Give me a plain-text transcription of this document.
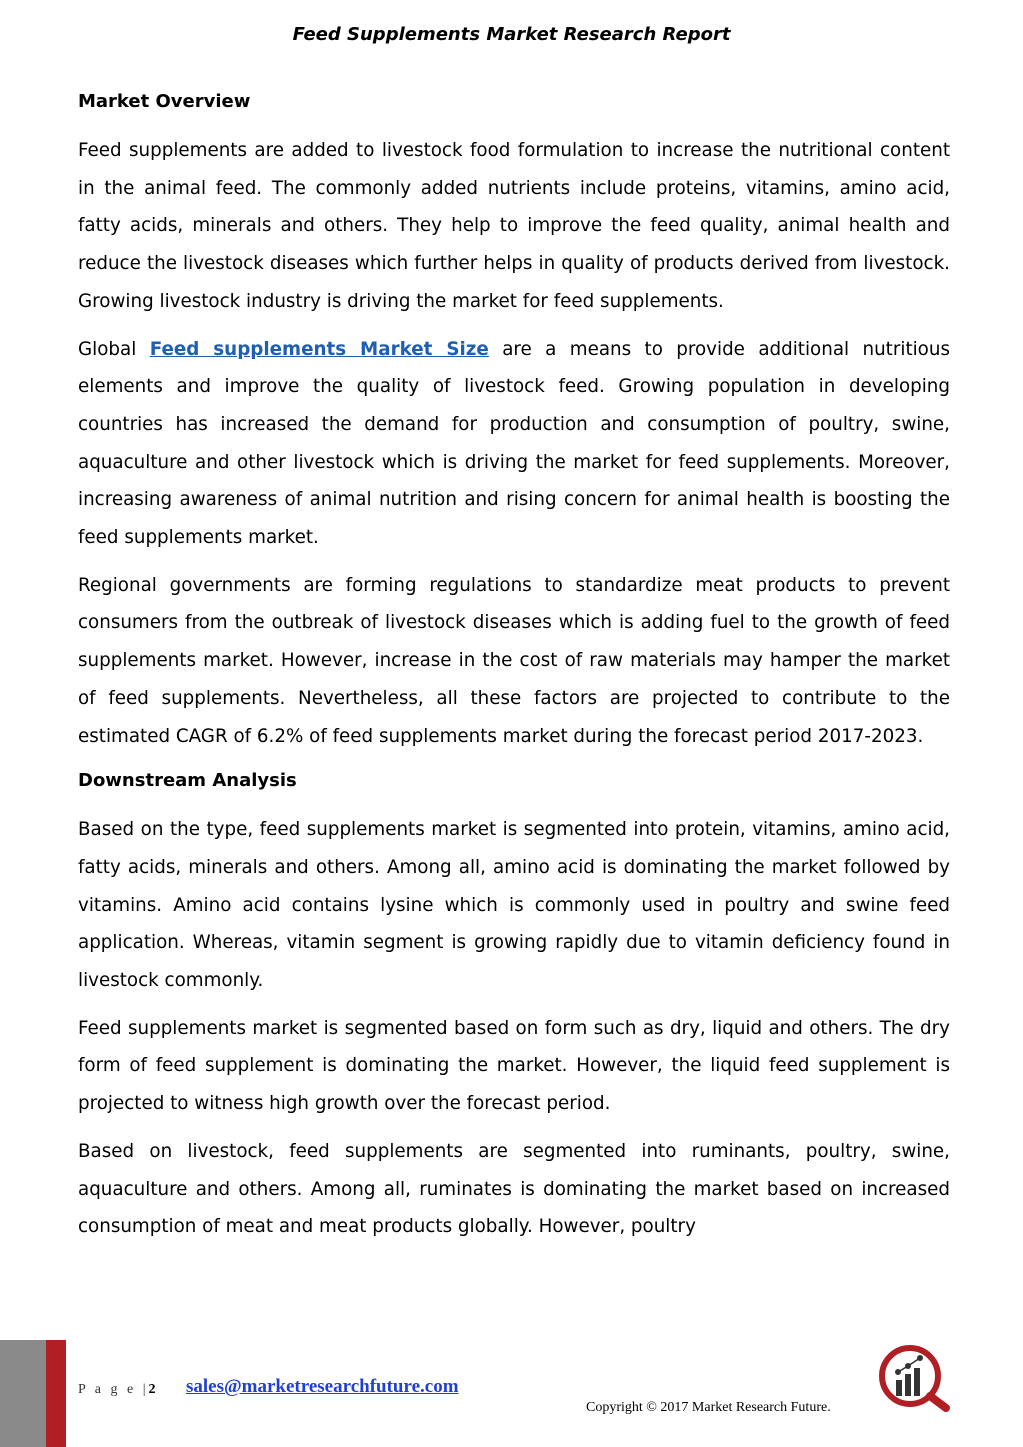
Feed Supplements Market Research Report
Market Overview

Feed supplements are added to livestock food formulation to increase the nutritional content in the animal feed. The commonly added nutrients include proteins, vitamins, amino acid, fatty acids, minerals and others. They help to improve the feed quality, animal health and reduce the livestock diseases which further helps in quality of products derived from livestock. Growing livestock industry is driving the market for feed supplements.

Global Feed supplements Market Size are a means to provide additional nutritious elements and improve the quality of livestock feed. Growing population in developing countries has increased the demand for production and consumption of poultry, swine, aquaculture and other livestock which is driving the market for feed supplements. Moreover, increasing awareness of animal nutrition and rising concern for animal health is boosting the feed supplements market.

Regional governments are forming regulations to standardize meat products to prevent consumers from the outbreak of livestock diseases which is adding fuel to the growth of feed supplements market. However, increase in the cost of raw materials may hamper the market of feed supplements. Nevertheless, all these factors are projected to contribute to the estimated CAGR of 6.2% of feed supplements market during the forecast period 2017-2023.

Downstream Analysis

Based on the type, feed supplements market is segmented into protein, vitamins, amino acid, fatty acids, minerals and others. Among all, amino acid is dominating the market followed by vitamins. Amino acid contains lysine which is commonly used in poultry and swine feed application. Whereas, vitamin segment is growing rapidly due to vitamin deficiency found in livestock commonly.

Feed supplements market is segmented based on form such as dry, liquid and others. The dry form of feed supplement is dominating the market. However, the liquid feed supplement is projected to witness high growth over the forecast period.

Based on livestock, feed supplements are segmented into ruminants, poultry, swine, aquaculture and others. Among all, ruminates is dominating the market based on increased consumption of meat and meat products globally. However, poultry

P a g e |2 sales@marketresearchfuture.com
Copyright © 2017 Market Research Future.
